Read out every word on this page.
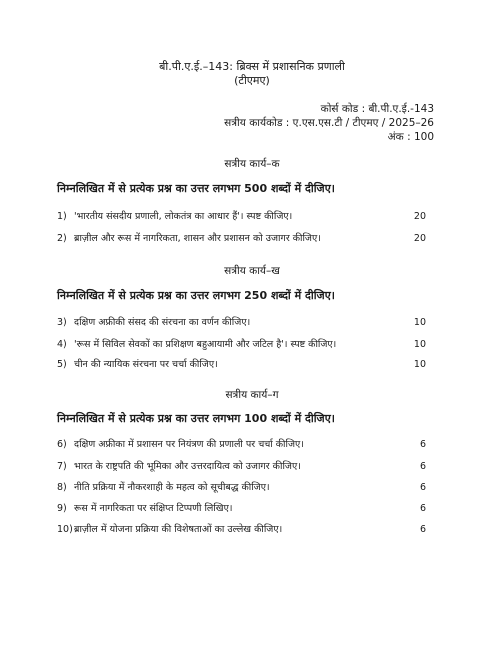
बी.पी.ए.ई.–143: ब्रिक्स में प्रशासनिक प्रणाली
(टीएमए)
कोर्स कोड : बी.पी.ए.ई.-143
सत्रीय कार्यकोड : ए.एस.एस.टी / टीएमए / 2025–26
अंक : 100
सत्रीय कार्य–क
निम्नलिखित में से प्रत्येक प्रश्न का उत्तर लगभग 500 शब्दों में दीजिए।
1) 'भारतीय संसदीय प्रणाली, लोकतंत्र का आधार हैं'। स्पष्ट कीजिए।	20
2) ब्राज़ील और रूस में नागरिकता, शासन और प्रशासन को उजागर कीजिए।	20
सत्रीय कार्य–ख
निम्नलिखित में से प्रत्येक प्रश्न का उत्तर लगभग 250 शब्दों में दीजिए।
3) दक्षिण अफ्रीकी संसद की संरचना का वर्णन कीजिए।	10
4) 'रूस में सिविल सेवकों का प्रशिक्षण बहुआयामी और जटिल है'। स्पष्ट कीजिए।	10
5) चीन की न्यायिक संरचना पर चर्चा कीजिए।	10
सत्रीय कार्य–ग
निम्नलिखित में से प्रत्येक प्रश्न का उत्तर लगभग 100 शब्दों में दीजिए।
6) दक्षिण अफ्रीका में प्रशासन पर नियंत्रण की प्रणाली पर चर्चा कीजिए।	6
7) भारत के राष्ट्रपति की भूमिका और उत्तरदायित्व को उजागर कीजिए।	6
8) नीति प्रक्रिया में नौकरशाही के महत्व को सूचीबद्ध कीजिए।	6
9) रूस में नागरिकता पर संक्षिप्त टिप्पणी लिखिए।	6
10) ब्राज़ील में योजना प्रक्रिया की विशेषताओं का उल्लेख कीजिए।	6
